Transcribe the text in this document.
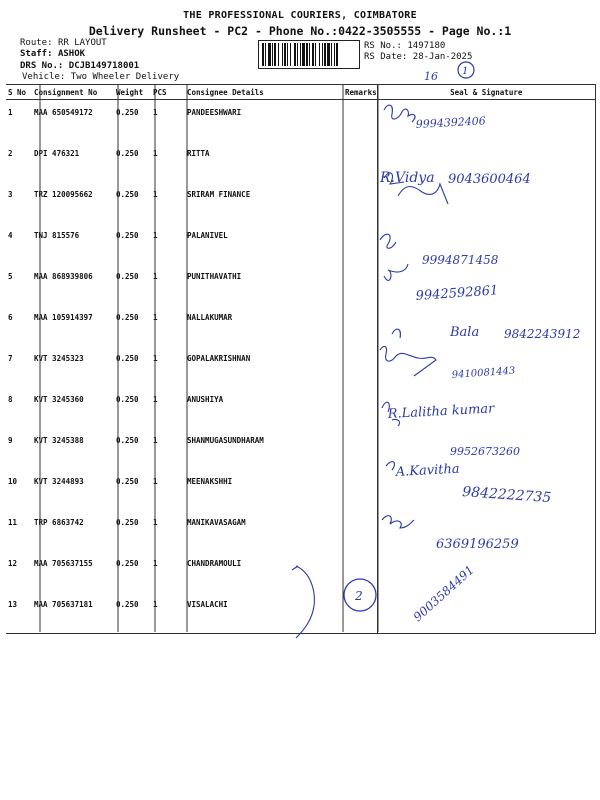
THE PROFESSIONAL COURIERS, COIMBATORE
Delivery Runsheet - PC2 - Phone No.:0422-3505555 - Page No.:1
Route: RR LAYOUT
Staff: ASHOK
DRS No.: DCJB149718001
Vehicle: Two Wheeler Delivery
RS No.: 1497180
RS Date: 28-Jan-2025
S No	Consignment No	Weight	PCS	Consignee Details	Remarks	Seal & Signature
1	MAA 650549172	0.250	1	PANDEESHWARI		
2	DPI 476321	0.250	1	RITTA		
3	TRZ 120095662	0.250	1	SRIRAM FINANCE		
4	TNJ 815576	0.250	1	PALANIVEL		
5	MAA 868939806	0.250	1	PUNITHAVATHI		
6	MAA 105914397	0.250	1	NALLAKUMAR		
7	KVT 3245323	0.250	1	GOPALAKRISHNAN		
8	KVT 3245360	0.250	1	ANUSHIYA		
9	KVT 3245388	0.250	1	SHANMUGASUNDHARAM		
10	KVT 3244893	0.250	1	MEENAKSHHI		
11	TRP 6863742	0.250	1	MANIKAVASAGAM		
12	MAA 705637155	0.250	1	CHANDRAMOULI		
13	MAA 705637181	0.250	1	VISALACHI		
16 1
2
9994392406
R.Vidya 9043600464
9994871458
9942592861
Bala 9842243912
9410081443
R.Lalitha kumar
9952673260
A.Kavitha
9842222735
6369196259
9003584491
